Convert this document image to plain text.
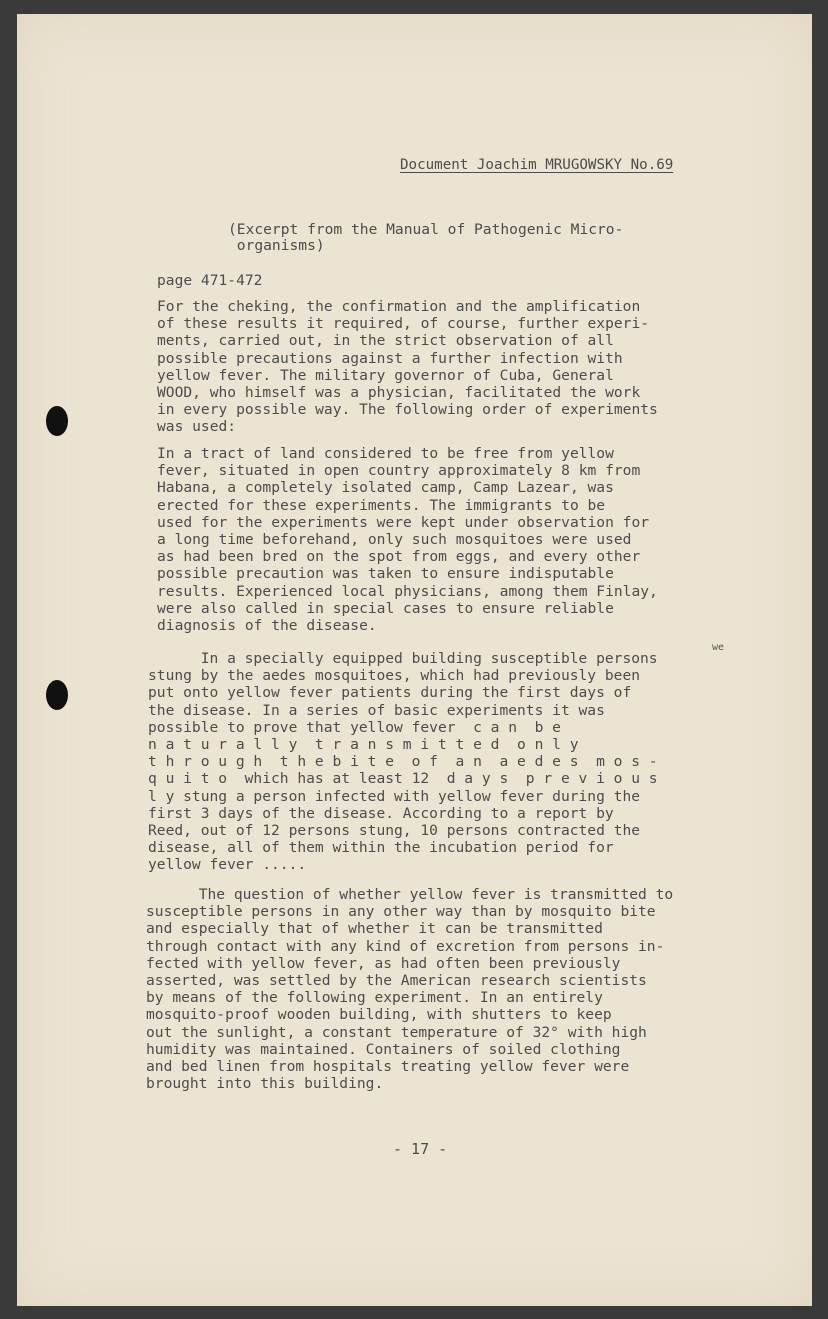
Document Joachim MRUGOWSKY No.69

(Excerpt from the Manual of Pathogenic Micro-
organisms)

page 471-472

For the cheking, the confirmation and the amplification
of these results it required, of course, further experi-
ments, carried out, in the strict observation of all
possible precautions against a further infection with
yellow fever. The military governor of Cuba, General
WOOD, who himself was a physician, facilitated the work
in every possible way. The following order of experiments
was used:

In a tract of land considered to be free from yellow
fever, situated in open country approximately 8 km from
Habana, a completely isolated camp, Camp Lazear, was
erected for these experiments. The immigrants to be
used for the experiments were kept under observation for
a long time beforehand, only such mosquitoes were used
as had been bred on the spot from eggs, and every other
possible precaution was taken to ensure indisputable
results. Experienced local physicians, among them Finlay,
were also called in special cases to ensure reliable
diagnosis of the disease.

we

In a specially equipped building susceptible persons
stung by the aedes mosquitoes, which had previously been
put onto yellow fever patients during the first days of
the disease. In a series of basic experiments it was
possible to prove that yellow fever  c a n  b e
n a t u r a l l y  t r a n s m i t t e d  o n l y
t h r o u g h  t h e b i t e  o f  a n  a e d e s  m o s -
q u i t o  which has at least 12  d a y s  p r e v i o u s
l y stung a person infected with yellow fever during the
first 3 days of the disease. According to a report by
Reed, out of 12 persons stung, 10 persons contracted the
disease, all of them within the incubation period for
yellow fever .....

The question of whether yellow fever is transmitted to
susceptible persons in any other way than by mosquito bite
and especially that of whether it can be transmitted
through contact with any kind of excretion from persons in-
fected with yellow fever, as had often been previously
asserted, was settled by the American research scientists
by means of the following experiment. In an entirely
mosquito-proof wooden building, with shutters to keep
out the sunlight, a constant temperature of 32° with high
humidity was maintained. Containers of soiled clothing
and bed linen from hospitals treating yellow fever were
brought into this building.

- 17 -
